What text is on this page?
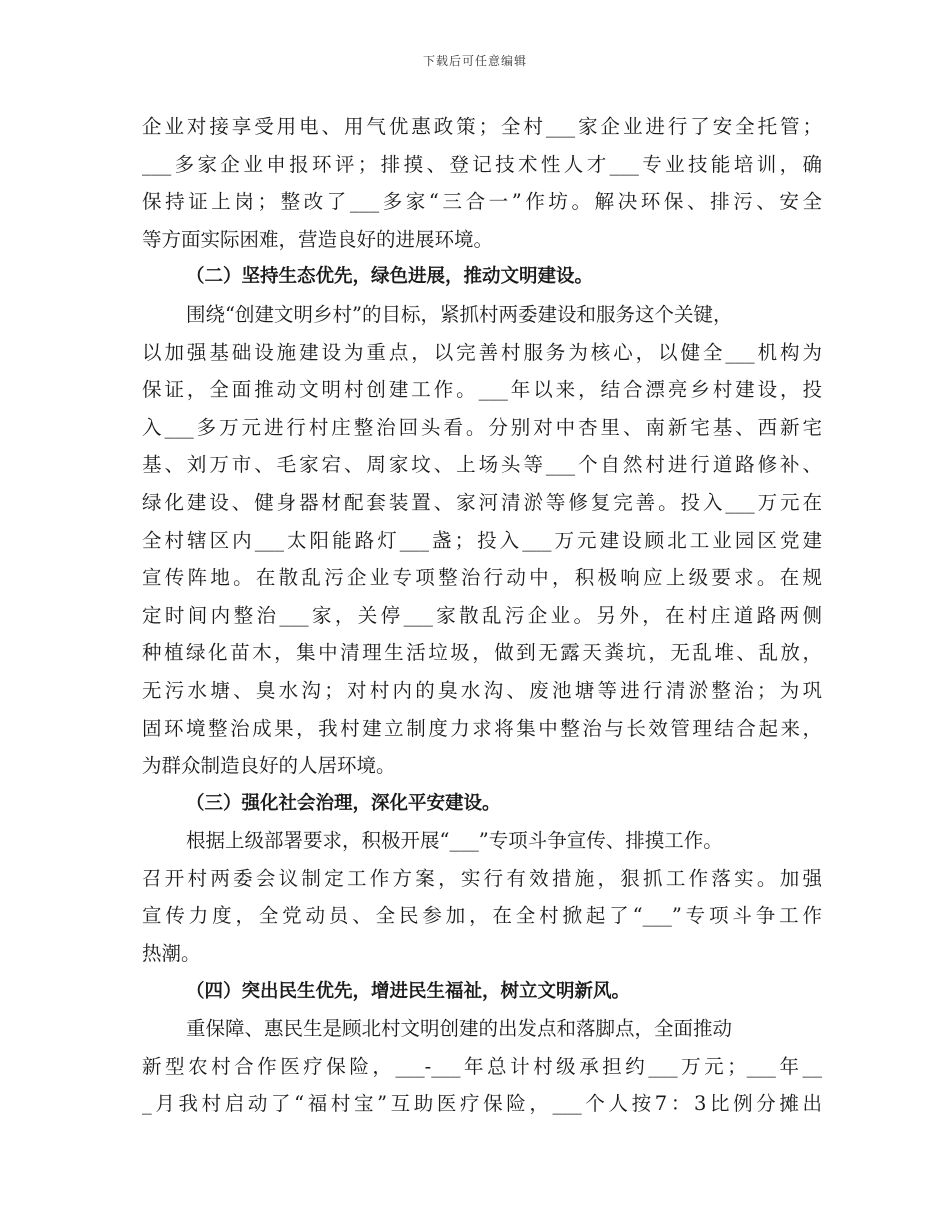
下载后可任意编辑
企业对接享受用电、用气优惠政策；全村___家企业进行了安全托管；
___多家企业申报环评；排摸、登记技术性人才___专业技能培训，确
保持证上岗；整改了___多家“三合一”作坊。解决环保、排污、安全
等方面实际困难，营造良好的进展环境。
（二）坚持生态优先，绿色进展，推动文明建设。
围绕“创建文明乡村”的目标，紧抓村两委建设和服务这个关键，
以加强基础设施建设为重点，以完善村服务为核心，以健全___机构为
保证，全面推动文明村创建工作。___年以来，结合漂亮乡村建设，投
入___多万元进行村庄整治回头看。分别对中杏里、南新宅基、西新宅
基、刘万市、毛家宕、周家坟、上场头等___个自然村进行道路修补、
绿化建设、健身器材配套装置、家河清淤等修复完善。投入___万元在
全村辖区内___太阳能路灯___盏；投入___万元建设顾北工业园区党建
宣传阵地。在散乱污企业专项整治行动中，积极响应上级要求。在规
定时间内整治___家，关停___家散乱污企业。另外，在村庄道路两侧
种植绿化苗木，集中清理生活垃圾，做到无露天粪坑，无乱堆、乱放，
无污水塘、臭水沟；对村内的臭水沟、废池塘等进行清淤整治；为巩
固环境整治成果，我村建立制度力求将集中整治与长效管理结合起来，
为群众制造良好的人居环境。
（三）强化社会治理，深化平安建设。
根据上级部署要求，积极开展“___”专项斗争宣传、排摸工作。
召开村两委会议制定工作方案，实行有效措施，狠抓工作落实。加强
宣传力度，全党动员、全民参加，在全村掀起了“___”专项斗争工作
热潮。
（四）突出民生优先，增进民生福祉，树立文明新风。
重保障、惠民生是顾北村文明创建的出发点和落脚点，全面推动
新型农村合作医疗保险，___-___年总计村级承担约___万元；___年__
_月我村启动了“福村宝”互助医疗保险，___个人按7：3比例分摊出
